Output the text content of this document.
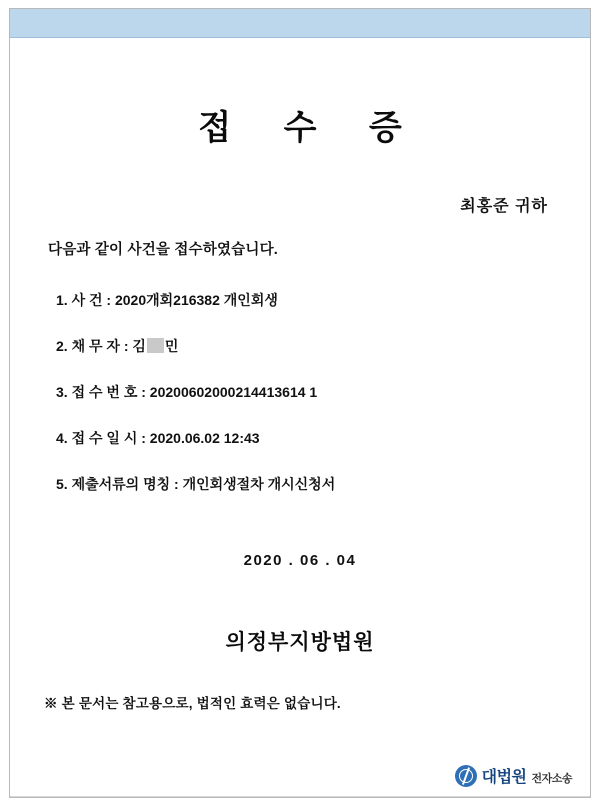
접 수 증
최홍준 귀하
다음과 같이 사건을 접수하였습니다.
1. 사 건 : 2020개회216382 개인회생
2. 채 무 자 : 김 민
3. 접 수 번 호 : 20200602000214413614 1
4. 접 수 일 시 : 2020.06.02 12:43
5. 제출서류의 명칭 : 개인회생절차 개시신청서
2020 . 06 . 04
의정부지방법원
※ 본 문서는 참고용으로, 법적인 효력은 없습니다.
대법원 전자소송
